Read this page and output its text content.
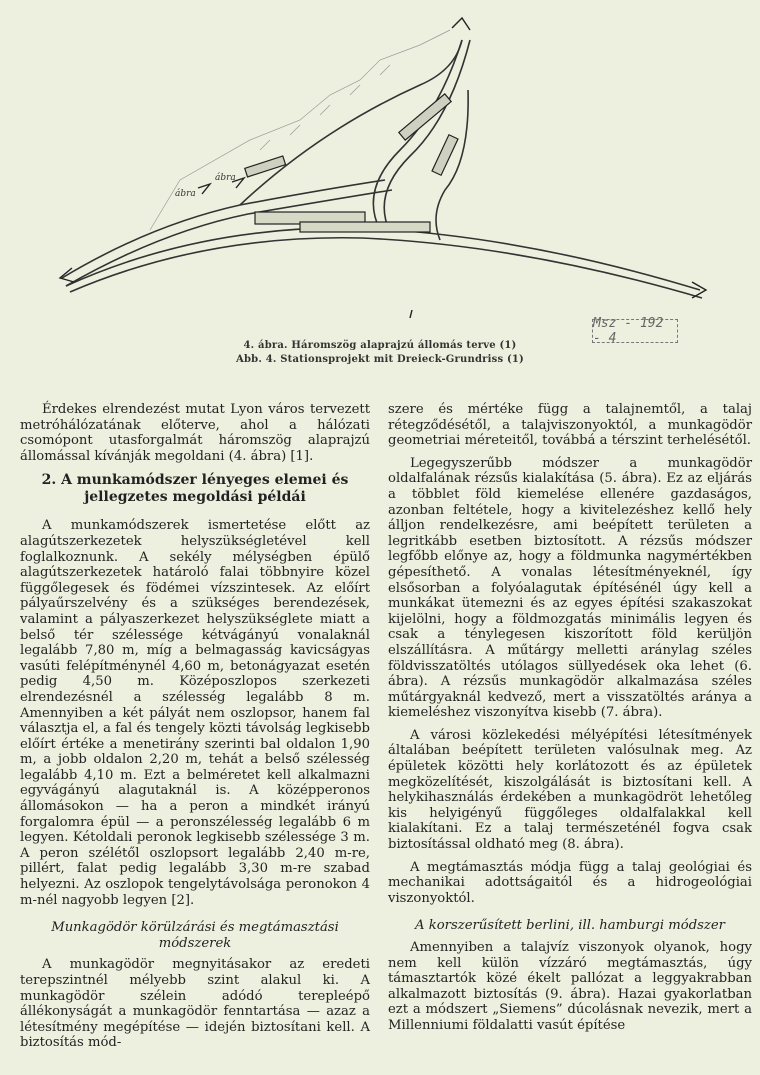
ábra
ábra
Msz - 192 - 4
4. ábra. Háromszög alaprajzú állomás terve (1)
Abb. 4. Stationsprojekt mit Dreieck-Grundriss (1)

Érdekes elrendezést mutat Lyon város tervezett metróhálózatának előterve, ahol a hálózati csomópont utasforgalmát háromszög alaprajzú állomással kívánják megoldani (4. ábra) [1].

2. A munkamódszer lényeges elemei és jellegzetes megoldási példái

A munkamódszerek ismertetése előtt az alagútszerkezetek helyszükségletével kell foglalkoznunk. A sekély mélységben épülő alagútszerkezetek határoló falai többnyire közel függőlegesek és födémei vízszintesek. Az előírt pályaűrszelvény és a szükséges berendezések, valamint a pályaszerkezet helyszükséglete miatt a belső tér szélessége kétvágányú vonalaknál legalább 7,80 m, míg a belmagasság kavicságyas vasúti felépítménynél 4,60 m, betonágyazat esetén pedig 4,50 m. Középoszlopos szerkezeti elrendezésnél a szélesség legalább 8 m. Amennyiben a két pályát nem oszlopsor, hanem fal választja el, a fal és tengely közti távolság legkisebb előírt értéke a menetirány szerinti bal oldalon 1,90 m, a jobb oldalon 2,20 m, tehát a belső szélesség legalább 4,10 m. Ezt a belméretet kell alkalmazni egyvágányú alagutaknál is. A középperonos állomásokon — ha a peron a mindkét irányú forgalomra épül — a peronszélesség legalább 6 m legyen. Kétoldali peronok legkisebb szélessége 3 m. A peron szélétől oszlopsort legalább 2,40 m-re, pillért, falat pedig legalább 3,30 m-re szabad helyezni. Az oszlopok tengelytávolsága peronokon 4 m-nél nagyobb legyen [2].

Munkagödör körülzárási és megtámasztási módszerek

A munkagödör megnyitásakor az eredeti terepszintnél mélyebb szint alakul ki. A munkagödör szélein adódó terepleépő állékonyságát a munkagödör fenntartása — azaz a létesítmény megépítése — idején biztosítani kell. A biztosítás mód-

szere és mértéke függ a talajnemtől, a talaj rétegződésétől, a talajviszonyoktól, a munkagödör geometriai méreteitől, továbbá a térszint terhelésétől.

Legegyszerűbb módszer a munkagödör oldalfalának rézsűs kialakítása (5. ábra). Ez az eljárás a többlet föld kiemelése ellenére gazdaságos, azonban feltétele, hogy a kivitelezéshez kellő hely álljon rendelkezésre, ami beépített területen a legritkább esetben biztosított. A rézsűs módszer legfőbb előnye az, hogy a földmunka nagymértékben gépesíthető. A vonalas létesítményeknél, így elsősorban a folyóalagutak építésénél úgy kell a munkákat ütemezni és az egyes építési szakaszokat kijelölni, hogy a földmozgatás minimális legyen és csak a ténylegesen kiszorított föld kerüljön elszállításra. A műtárgy melletti aránylag széles földvisszatöltés utólagos süllyedések oka lehet (6. ábra). A rézsűs munkagödör alkalmazása széles műtárgyaknál kedvező, mert a visszatöltés aránya a kiemeléshez viszonyítva kisebb (7. ábra).

A városi közlekedési mélyépítési létesítmények általában beépített területen valósulnak meg. Az épületek közötti hely korlátozott és az épületek megközelítését, kiszolgálását is biztosítani kell. A helykihasználás érdekében a munkagödröt lehetőleg kis helyigényű függőleges oldalfalakkal kell kialakítani. Ez a talaj természeténél fogva csak biztosítással oldható meg (8. ábra).

A megtámasztás módja függ a talaj geológiai és mechanikai adottságaitól és a hidrogeológiai viszonyoktól.

A korszerűsített berlini, ill. hamburgi módszer

Amennyiben a talajvíz viszonyok olyanok, hogy nem kell külön vízzáró megtámasztás, úgy támasztartók közé ékelt pallózat a leggyakrabban alkalmazott biztosítás (9. ábra). Hazai gyakorlatban ezt a módszert „Siemens” dúcolásnak nevezik, mert a Millenniumi földalatti vasút építése
